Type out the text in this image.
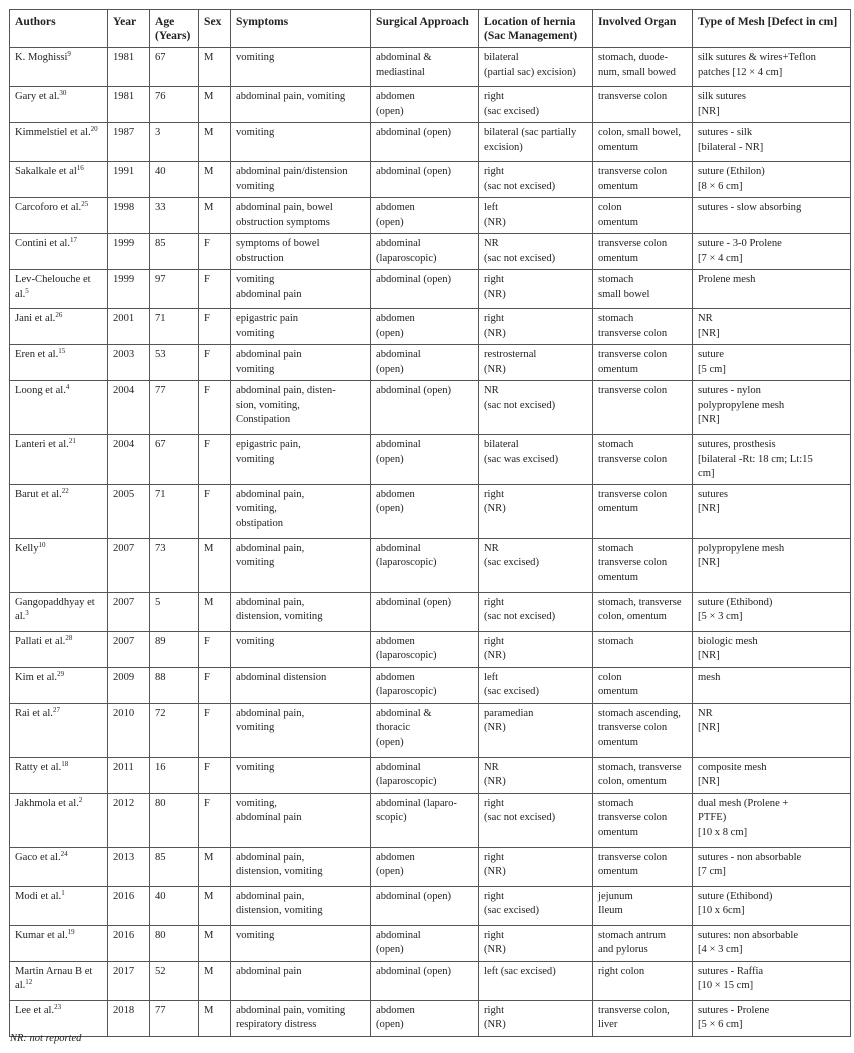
Authors	Year	Age (Years)	Sex	Symptoms	Surgical Approach	Location of hernia (Sac Management)	Involved Organ	Type of Mesh [Defect in cm]
K. Moghissi$^9$	1981	67	M	vomiting	abdominal &
mediastinal	bilateral
(partial sac) excision)	stomach, duode-
num, small bowed	silk sutures & wires+Teflon
patches [12 × 4 cm]

Gary et al.$^{30}$	1981	76	M	abdominal pain, vomiting	abdomen
(open)	right
(sac excised)	transverse colon	silk sutures
[NR]

Kimmelstiel et al.$^{20}$	1987	3	M	vomiting	abdominal (open)	bilateral (sac partially
excision)	colon, small bowel,
omentum	sutures - silk
[bilateral - NR]

Sakalkale et $al^{16}$	1991	40	M	abdominal pain/distension
vomiting	abdominal (open)	right
(sac not excised)	transverse colon
omentum	suture (Ethilon)
[8 × 6 cm]

Carcoforo et al.$^{25}$	1998	33	M	abdominal pain, bowel
obstruction symptoms	abdomen
(open)	left
(NR)	colon
omentum	sutures - slow absorbing

Contini et al.$^{17}$	1999	85	F	symptoms of bowel
obstruction	abdominal
(laparoscopic)	NR
(sac not excised)	transverse colon
omentum	suture - 3-0 Prolene
[7 × 4 cm]

Lev-Chelouche et al.$^5$	1999	97	F	vomiting
abdominal pain	abdominal (open)	right
(NR)	stomach
small bowel	Prolene mesh

Jani et al.$^{26}$	2001	71	F	epigastric pain
vomiting	abdomen
(open)	right
(NR)	stomach
transverse colon	NR
[NR]

Eren et al.$^{15}$	2003	53	F	abdominal pain
vomiting	abdominal
(open)	restrosternal
(NR)	transverse colon
omentum	suture
[5 cm]

Loong et al.$^4$	2004	77	F	abdominal pain, disten-
sion, vomiting,
Constipation	abdominal (open)	NR
(sac not excised)	transverse colon	sutures - nylon
polypropylene mesh
[NR]

Lanteri et al.$^{21}$	2004	67	F	epigastric pain,
vomiting	abdominal
(open)	bilateral
(sac was excised)	stomach
transverse colon	sutures, prosthesis
[bilateral -Rt: 18 cm; Lt:15
cm]

Barut et al.$^{22}$	2005	71	F	abdominal pain,
vomiting,
obstipation	abdomen
(open)	right
(NR)	transverse colon
omentum	sutures
[NR]

Kelly$^{10}$	2007	73	M	abdominal pain,
vomiting	abdominal
(laparoscopic)	NR
(sac excised)	stomach
transverse colon
omentum	polypropylene mesh
[NR]

Gangopaddhyay et al.$^3$	2007	5	M	abdominal pain,
distension, vomiting	abdominal (open)	right
(sac not excised)	stomach, transverse
colon, omentum	suture (Ethibond)
[5 × 3 cm]

Pallati et al.$^{28}$	2007	89	F	vomiting	abdomen
(laparoscopic)	right
(NR)	stomach	biologic mesh
[NR]

Kim et al.$^{29}$	2009	88	F	abdominal distension	abdomen
(laparoscopic)	left
(sac excised)	colon
omentum	mesh

Rai et al.$^{27}$	2010	72	F	abdominal pain,
vomiting	abdominal &
thoracic
(open)	paramedian
(NR)	stomach ascending,
transverse colon
omentum	NR
[NR]

Ratty et al.$^{18}$	2011	16	F	vomiting	abdominal
(laparoscopic)	NR
(NR)	stomach, transverse
colon, omentum	composite mesh
[NR]

Jakhmola et al.$^2$	2012	80	F	vomiting,
abdominal pain	abdominal (laparo-
scopic)	right
(sac not excised)	stomach
transverse colon
omentum	dual mesh (Prolene +
PTFE)
[10 x 8 cm]

Gaco et al.$^{24}$	2013	85	M	abdominal pain,
distension, vomiting	abdomen
(open)	right
(NR)	transverse colon
omentum	sutures - non absorbable
[7 cm]

Modi et al.$^1$	2016	40	M	abdominal pain,
distension, vomiting	abdominal (open)	right
(sac excised)	jejunum
Ileum	suture (Ethibond)
[10 x 6cm]

Kumar et al.$^{19}$	2016	80	M	vomiting	abdominal
(open)	right
(NR)	stomach antrum
and pylorus	sutures: non absorbable
[4 × 3 cm]

Martin Arnau B et al.$^{12}$	2017	52	M	abdominal pain	abdominal (open)	left (sac excised)	right colon	sutures - Raffia
[10 × 15 cm]

Lee et al.$^{23}$	2018	77	M	abdominal pain, vomiting
respiratory distress	abdomen
(open)	right
(NR)	transverse colon,
liver	sutures - Prolene
[5 × 6 cm]
NR: not reported
